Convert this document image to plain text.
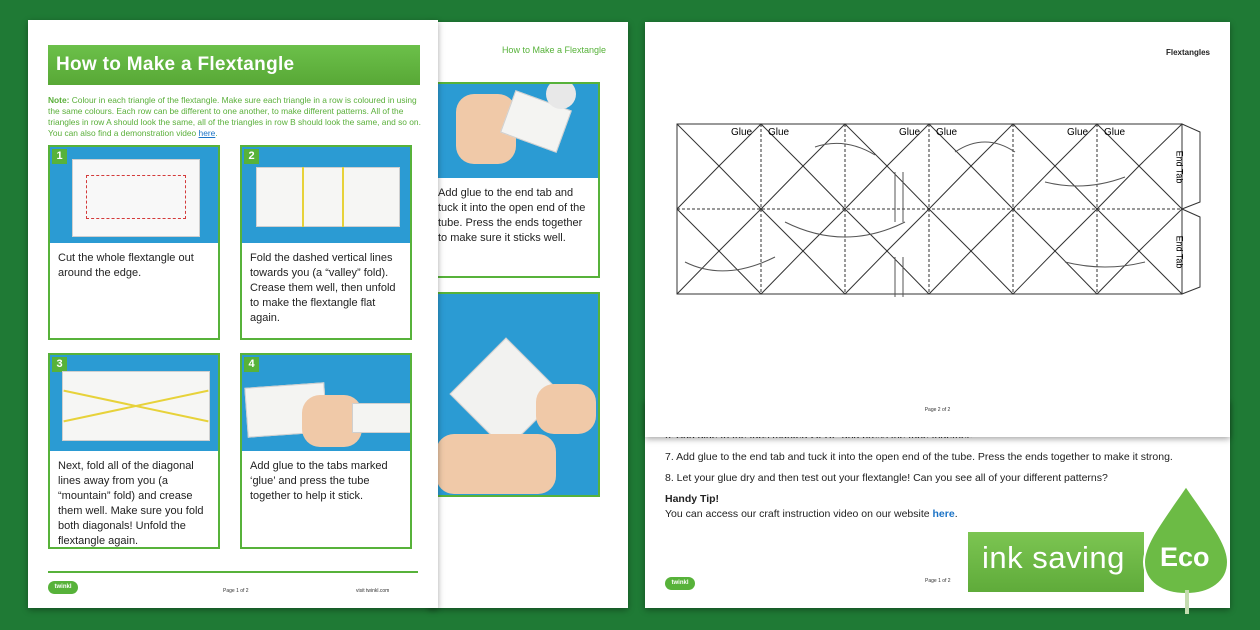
How to Make a Flextangle
Add glue to the end tab and tuck it into the open end of the tube. Press the ends together to make sure it sticks well.
How to Make a Flextangle
Note: Colour in each triangle of the flextangle. Make sure each triangle in a row is coloured in using the same colours. Each row can be different to one another, to make different patterns. All of the triangles in row A should look the same, all of the triangles in row B should look the same, and so on. You can also find a demonstration video here.
1
Cut the whole flextangle out around the edge.
2
Fold the dashed vertical lines towards you (a “valley” fold). Crease them well, then unfold to make the flextangle flat again.
3
Next, fold all of the diagonal lines away from you (a “mountain” fold) and crease them well. Make sure you fold both diagonals! Unfold the flextangle again.
4
Add glue to the tabs marked ‘glue’ and press the tube together to help it stick.
twinkl
Page 1 of 2	visit twinkl.com
7. Add glue to the end tab and tuck it into the open end of the tube. Press the ends together to make it strong.
8. Let your glue dry and then test out your flextangle! Can you see all of your different patterns?
Handy Tip!
You can access our craft instruction video on our website here.
twinkl	Page 1 of 2
Flextangles
Glue Glue	Glue Glue	Glue Glue
End Tab
End Tab
Page 2 of 2
ink saving Eco
